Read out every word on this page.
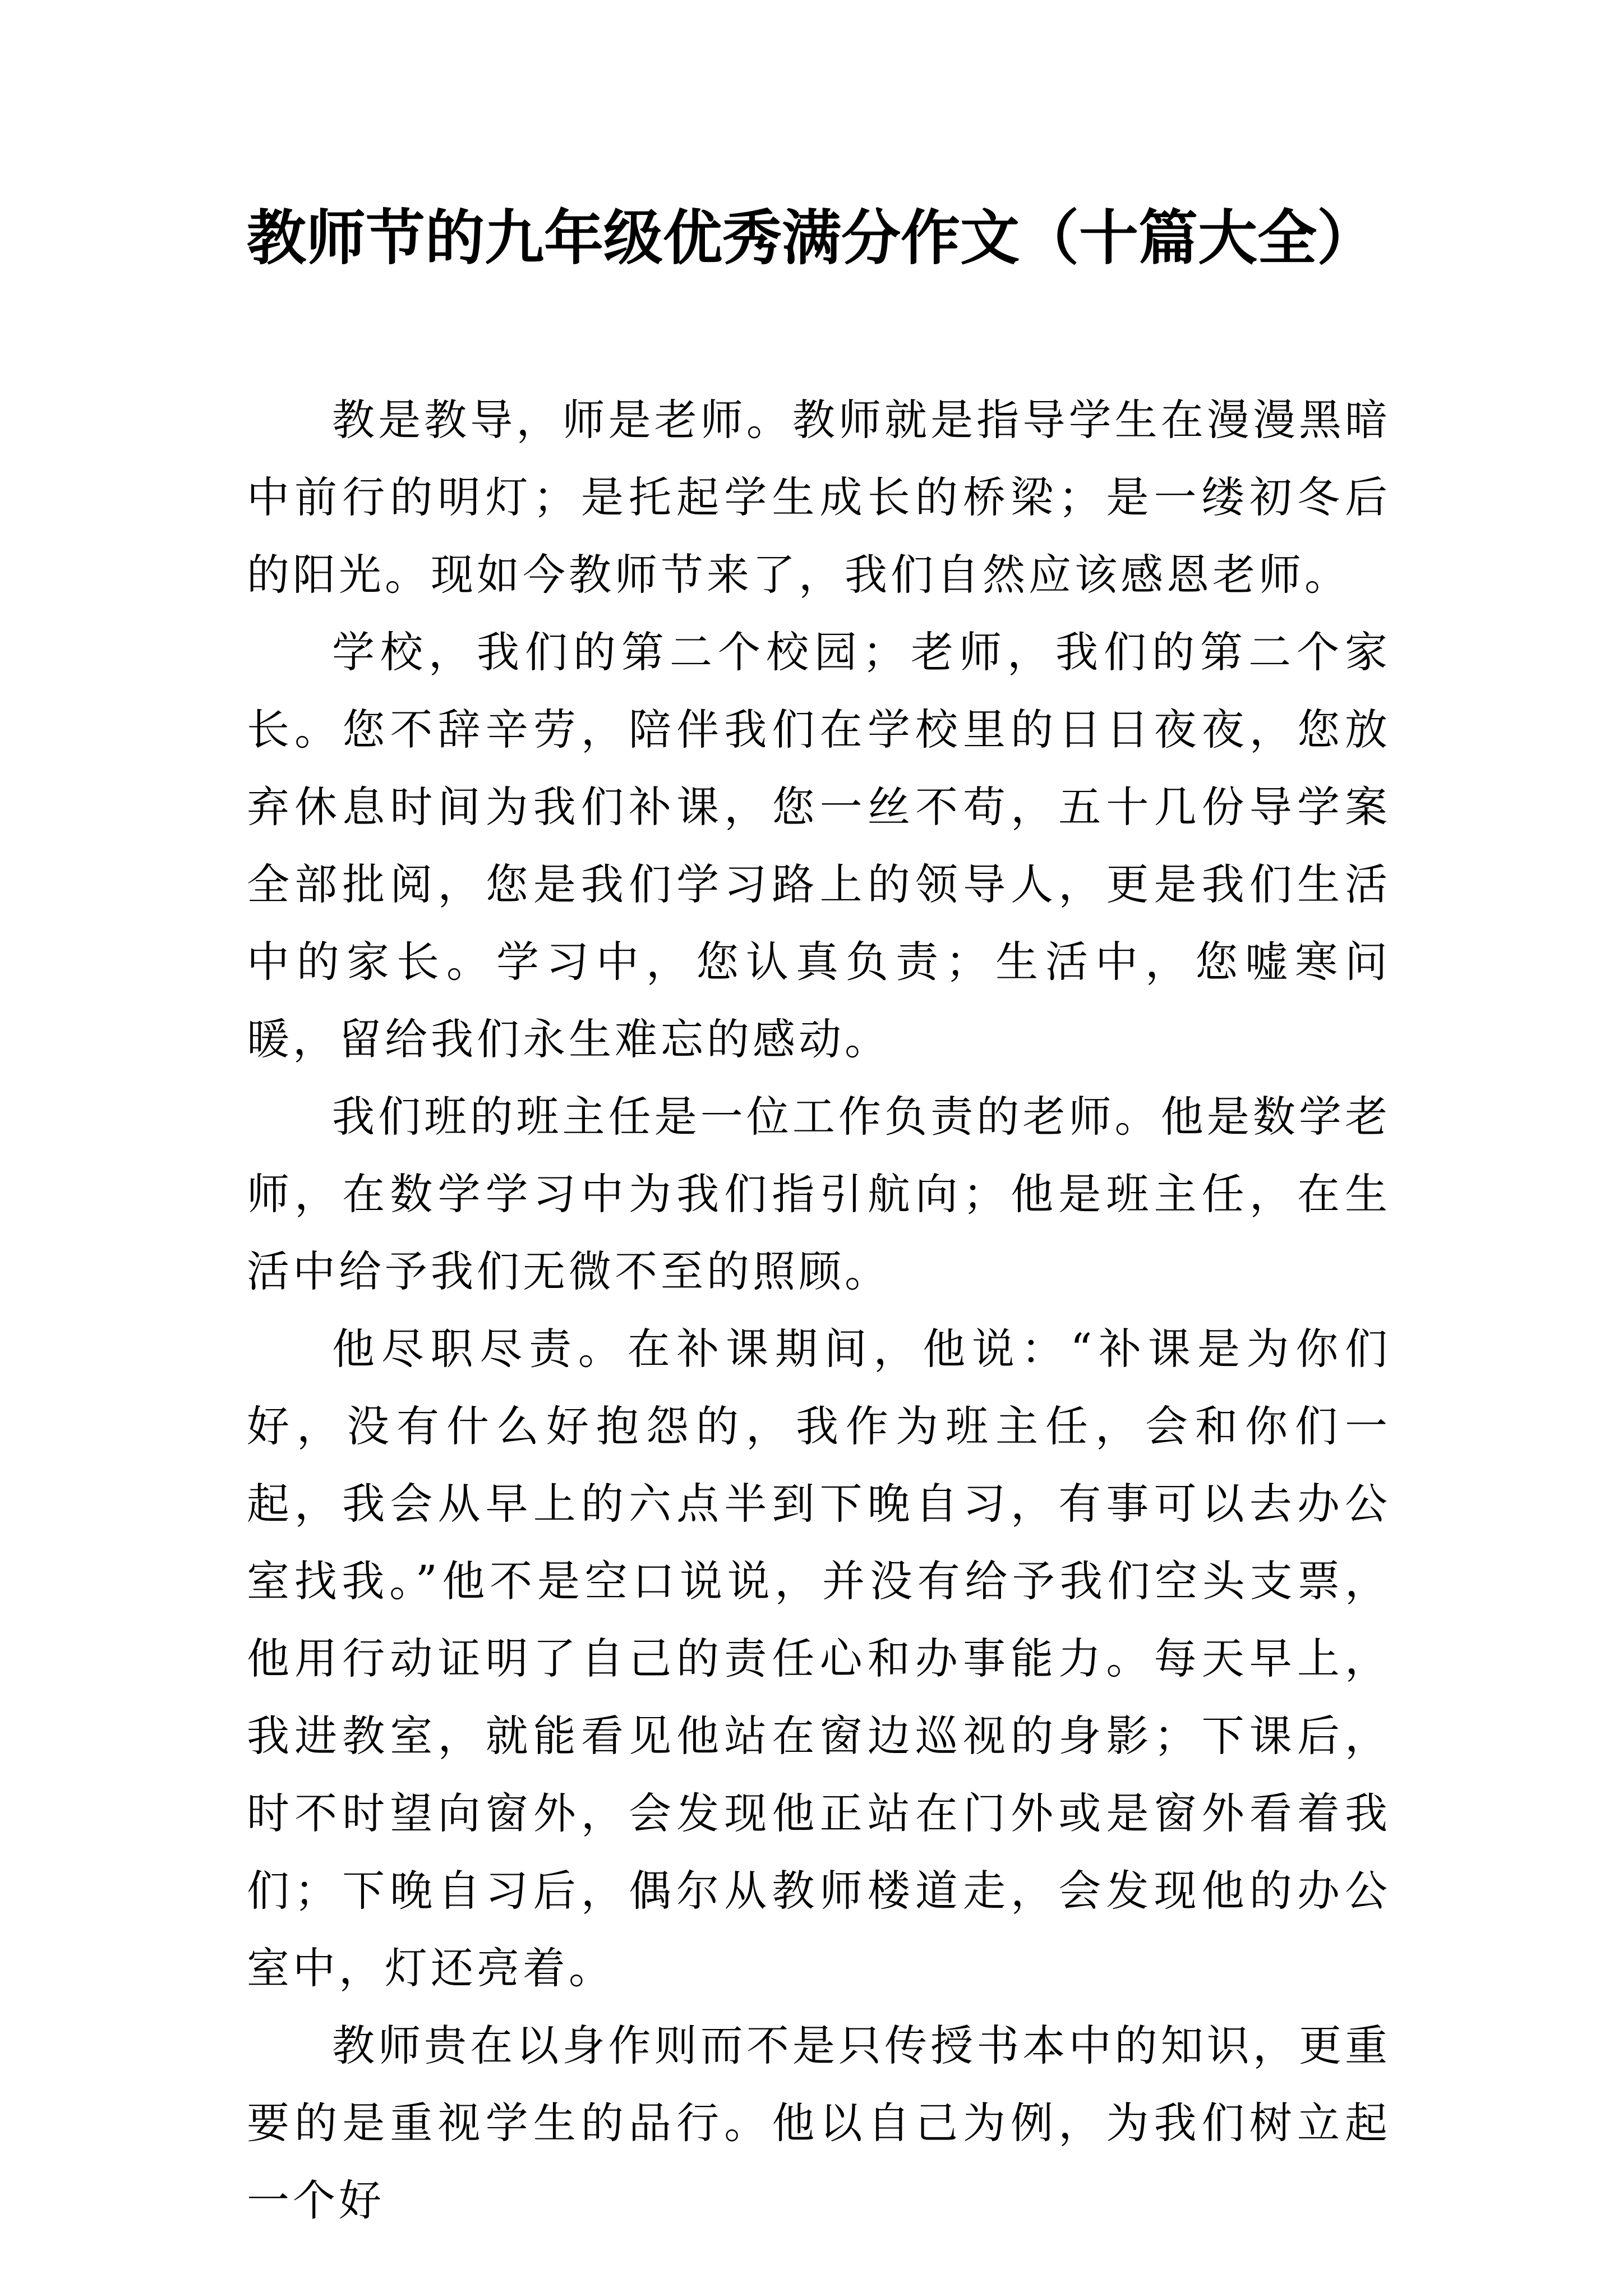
教师节的九年级优秀满分作文（十篇大全）

教是教导，师是老师。教师就是指导学生在漫漫黑暗中前行的明灯；是托起学生成长的桥梁；是一缕初冬后的阳光。现如今教师节来了，我们自然应该感恩老师。

学校，我们的第二个校园；老师，我们的第二个家长。您不辞辛劳，陪伴我们在学校里的日日夜夜，您放弃休息时间为我们补课，您一丝不苟，五十几份导学案全部批阅，您是我们学习路上的领导人，更是我们生活中的家长。学习中，您认真负责；生活中，您嘘寒问暖，留给我们永生难忘的感动。

我们班的班主任是一位工作负责的老师。他是数学老师，在数学学习中为我们指引航向；他是班主任，在生活中给予我们无微不至的照顾。

他尽职尽责。在补课期间，他说：“补课是为你们好，没有什么好抱怨的，我作为班主任，会和你们一起，我会从早上的六点半到下晚自习，有事可以去办公室找我。”他不是空口说说，并没有给予我们空头支票，他用行动证明了自己的责任心和办事能力。每天早上，我进教室，就能看见他站在窗边巡视的身影；下课后，时不时望向窗外，会发现他正站在门外或是窗外看着我们；下晚自习后，偶尔从教师楼道走，会发现他的办公室中，灯还亮着。

教师贵在以身作则而不是只传授书本中的知识，更重要的是重视学生的品行。他以自己为例，为我们树立起一个好
